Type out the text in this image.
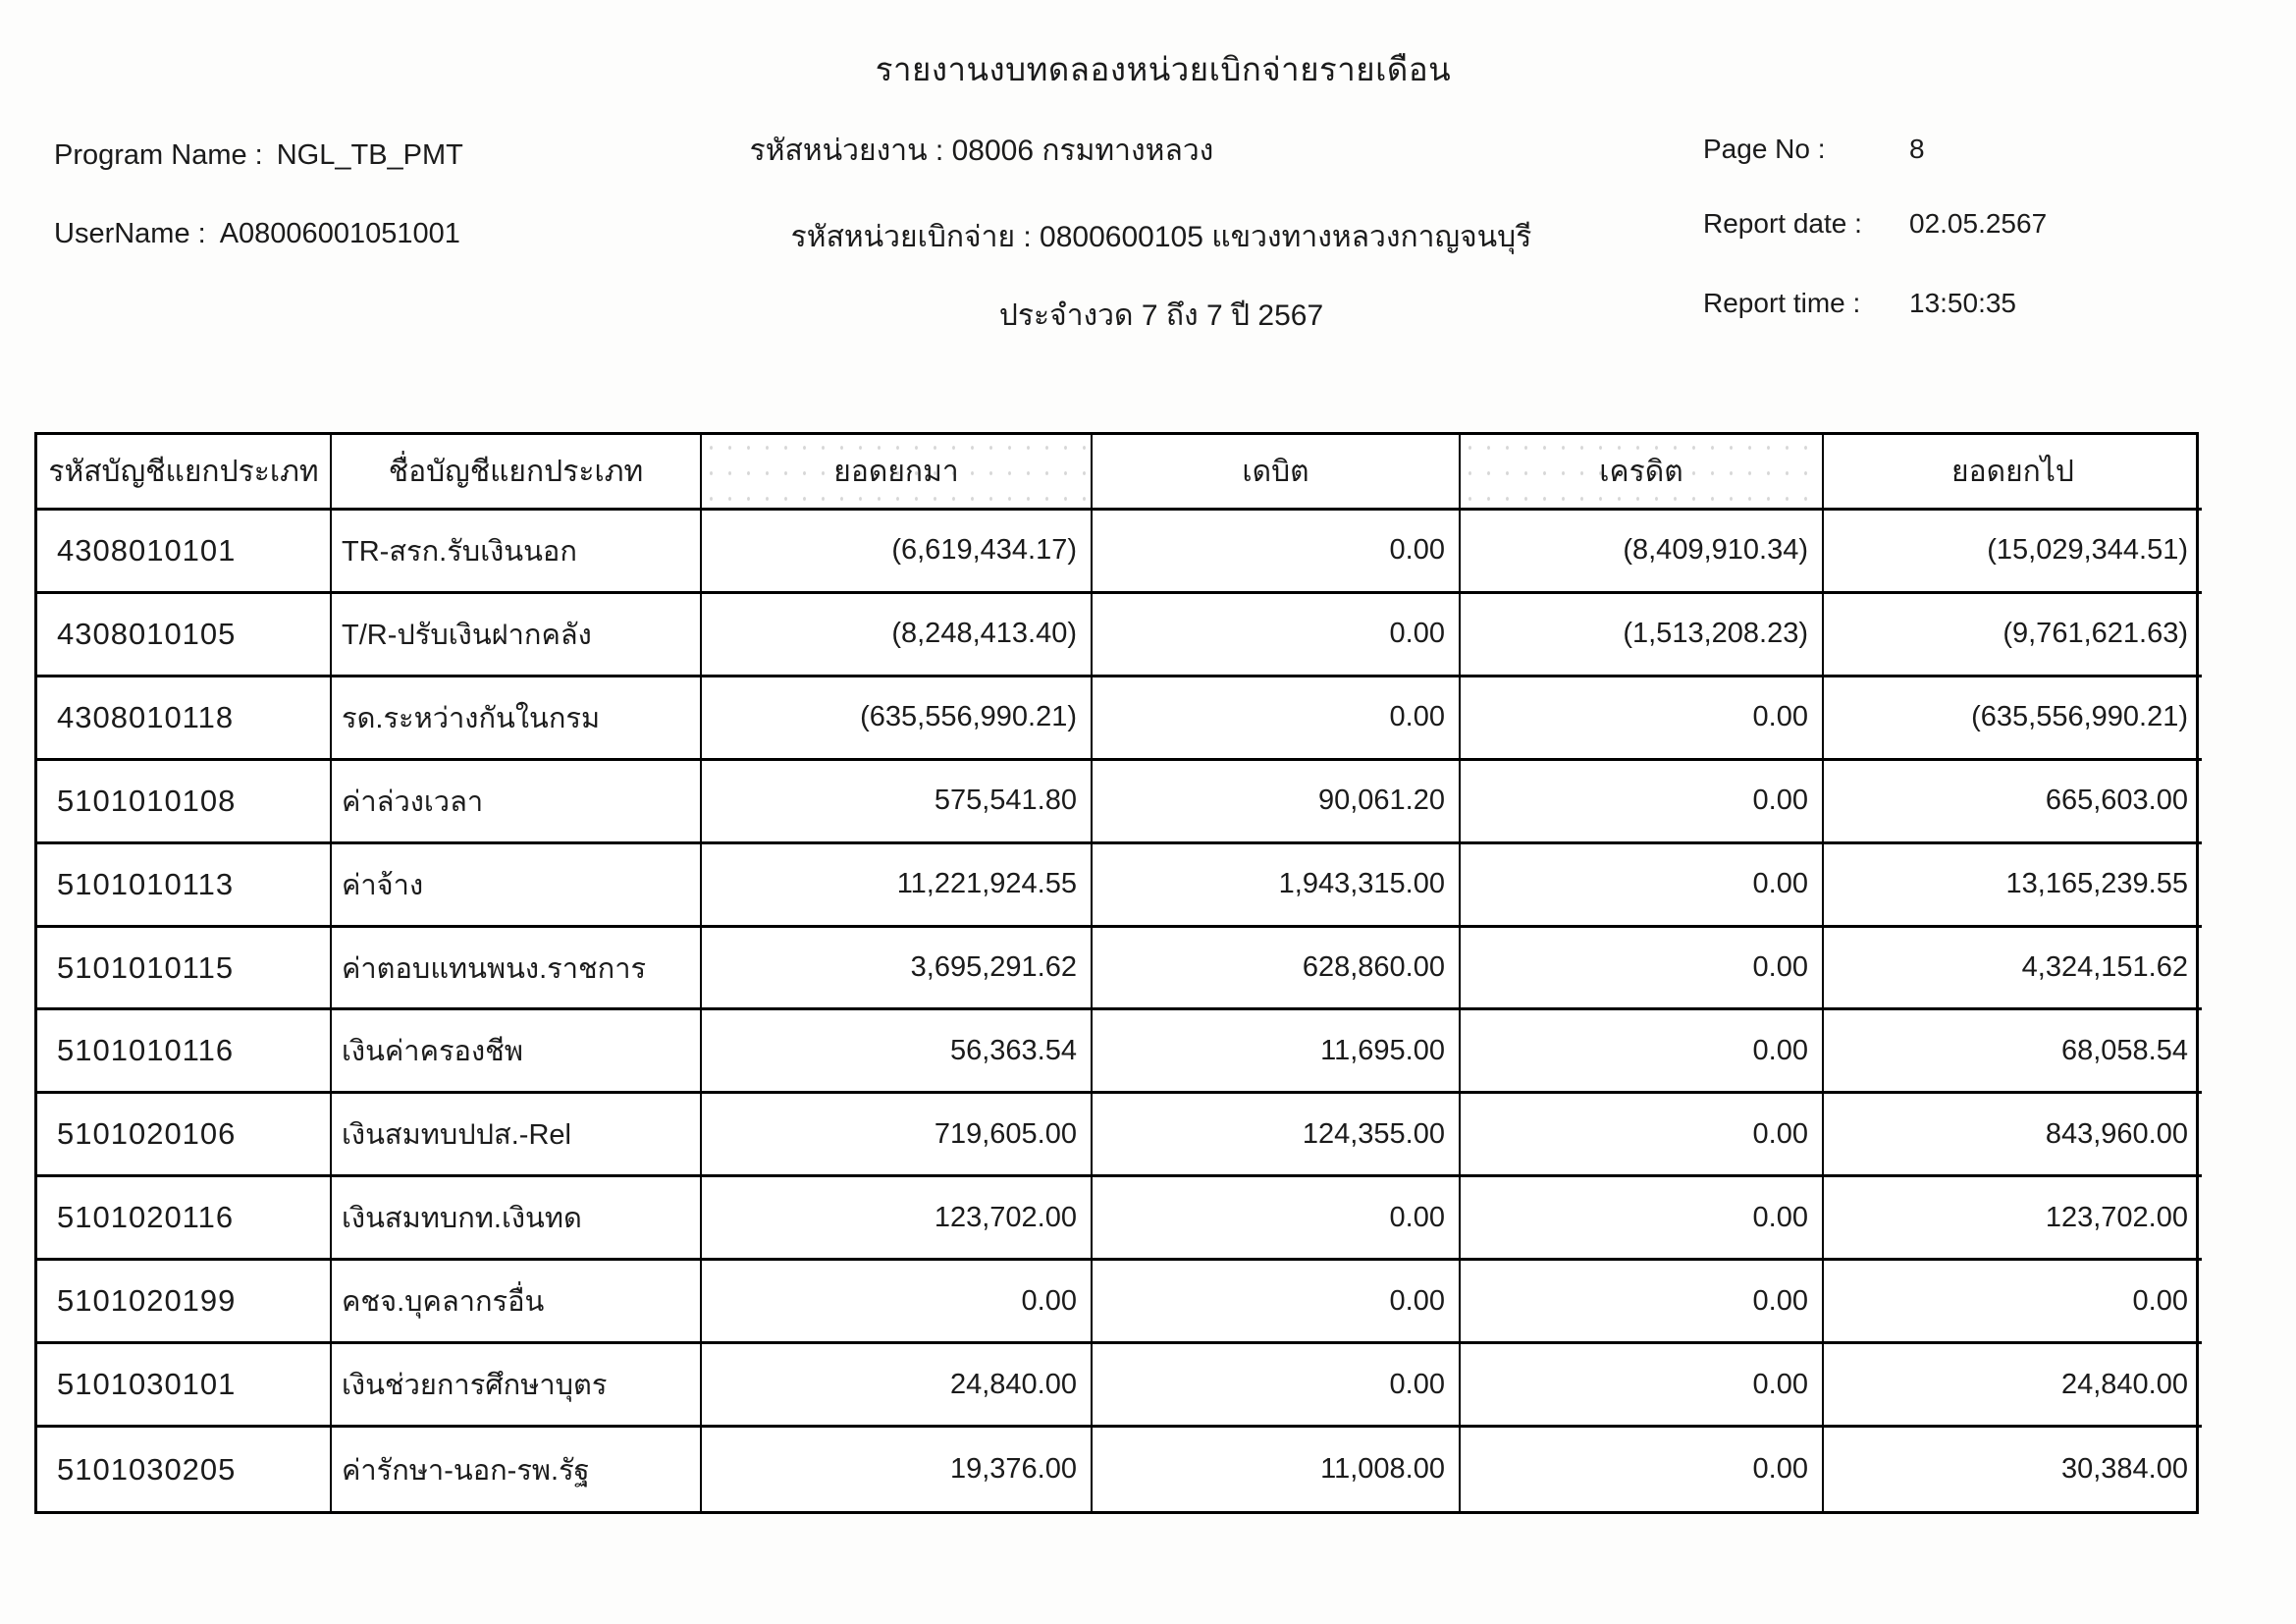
รายงานงบทดลองหน่วยเบิกจ่ายรายเดือน
Program Name : NGL_TB_PMT
UserName : A08006001051001
รหัสหน่วยงาน : 08006 กรมทางหลวง
รหัสหน่วยเบิกจ่าย : 0800600105 แขวงทางหลวงกาญจนบุรี
ประจำงวด 7 ถึง 7 ปี 2567
Page No :	8
Report date : 02.05.2567
Report time : 13:50:35
รหัสบัญชีแยกประเภท	ชื่อบัญชีแยกประเภท	ยอดยกมา	เดบิต	เครดิต	ยอดยกไป
4308010101	TR-สรก.รับเงินนอก	(6,619,434.17)	0.00	(8,409,910.34)	(15,029,344.51)
4308010105	T/R-ปรับเงินฝากคลัง	(8,248,413.40)	0.00	(1,513,208.23)	(9,761,621.63)
4308010118	รด.ระหว่างกันในกรม	(635,556,990.21)	0.00	0.00	(635,556,990.21)
5101010108	ค่าล่วงเวลา	575,541.80	90,061.20	0.00	665,603.00
5101010113	ค่าจ้าง	11,221,924.55	1,943,315.00	0.00	13,165,239.55
5101010115	ค่าตอบแทนพนง.ราชการ	3,695,291.62	628,860.00	0.00	4,324,151.62
5101010116	เงินค่าครองชีพ	56,363.54	11,695.00	0.00	68,058.54
5101020106	เงินสมทบปปส.-Rel	719,605.00	124,355.00	0.00	843,960.00
5101020116	เงินสมทบกท.เงินทด	123,702.00	0.00	0.00	123,702.00
5101020199	คชจ.บุคลากรอื่น	0.00	0.00	0.00	0.00
5101030101	เงินช่วยการศึกษาบุตร	24,840.00	0.00	0.00	24,840.00
5101030205	ค่ารักษา-นอก-รพ.รัฐ	19,376.00	11,008.00	0.00	30,384.00
